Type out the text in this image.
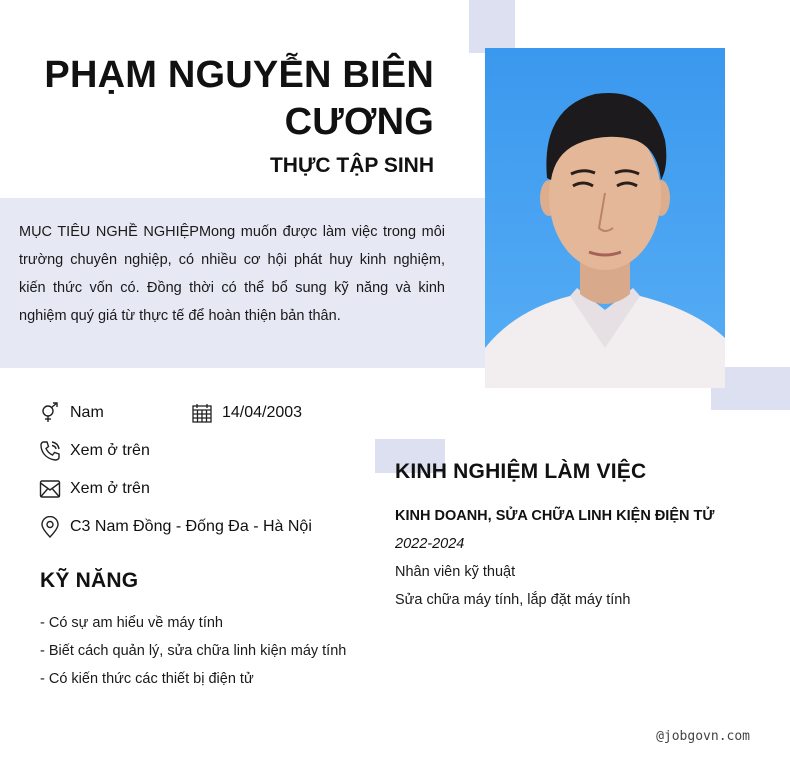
PHẠM NGUYỄN BIÊN CƯƠNG
THỰC TẬP SINH
MỤC TIÊU NGHỀ NGHIỆPMong muốn được làm việc trong môi trường chuyên nghiệp, có nhiều cơ hội phát huy kinh nghiệm, kiến thức vốn có. Đồng thời có thể bổ sung kỹ năng và kinh nghiệm quý giá từ thực tế để hoàn thiện bản thân.
Nam	14/04/2003
Xem ở trên
Xem ở trên
C3 Nam Đồng - Đống Đa - Hà Nội
KỸ NĂNG
- Có sự am hiểu về máy tính
- Biết cách quản lý, sửa chữa linh kiện máy tính
- Có kiến thức các thiết bị điện tử
KINH NGHIỆM LÀM VIỆC
KINH DOANH, SỬA CHỮA LINH KIỆN ĐIỆN TỬ
2022-2024
Nhân viên kỹ thuật
Sửa chữa máy tính, lắp đặt máy tính
@jobgovn.com
